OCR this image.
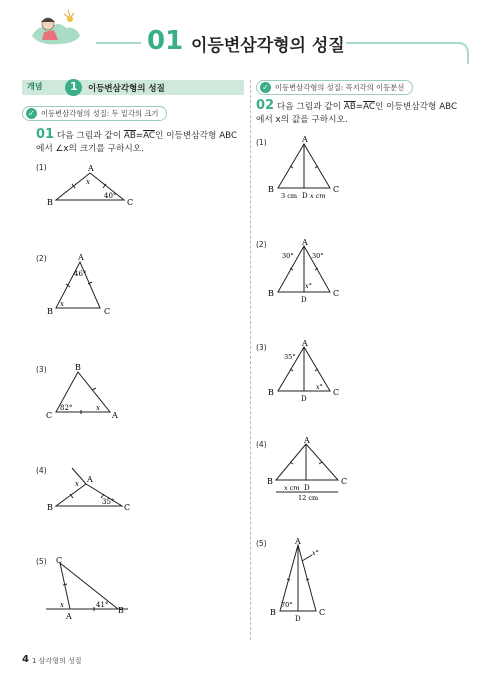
01 이등변삼각형의 성질
개념	1 이등변삼각형의 성질
✓ 이등변삼각형의 성질: 두 밑각의 크기
01 다음 그림과 같이 $\overline{AB}=\overline{AC}$인 이등변삼각형 ABC
에서 ∠x의 크기를 구하시오.
(1)	A
B	C
x
40°
(2)	A
B	C
46°
x
(3)	B
C	A
82°	x
(4)
A
B	C
x
35°
(5) C
A
B
x	41°
✓ 이등변삼각형의 성질: 꼭지각의 이등분선
02 다음 그림과 같이 $\overline{AB}=\overline{AC}$인 이등변삼각형 ABC
에서 x의 값을 구하시오.
(1)	A
B	C
D
3 cm x cm
(2)	A
B	C
D
30°	30°
x°
(3)	A
B	C
D
35°
x°
(4)	A
B	C
D
x cm
12 cm
(5)	A
B	C
D
x°
70°
4 1 삼각형의 성질
